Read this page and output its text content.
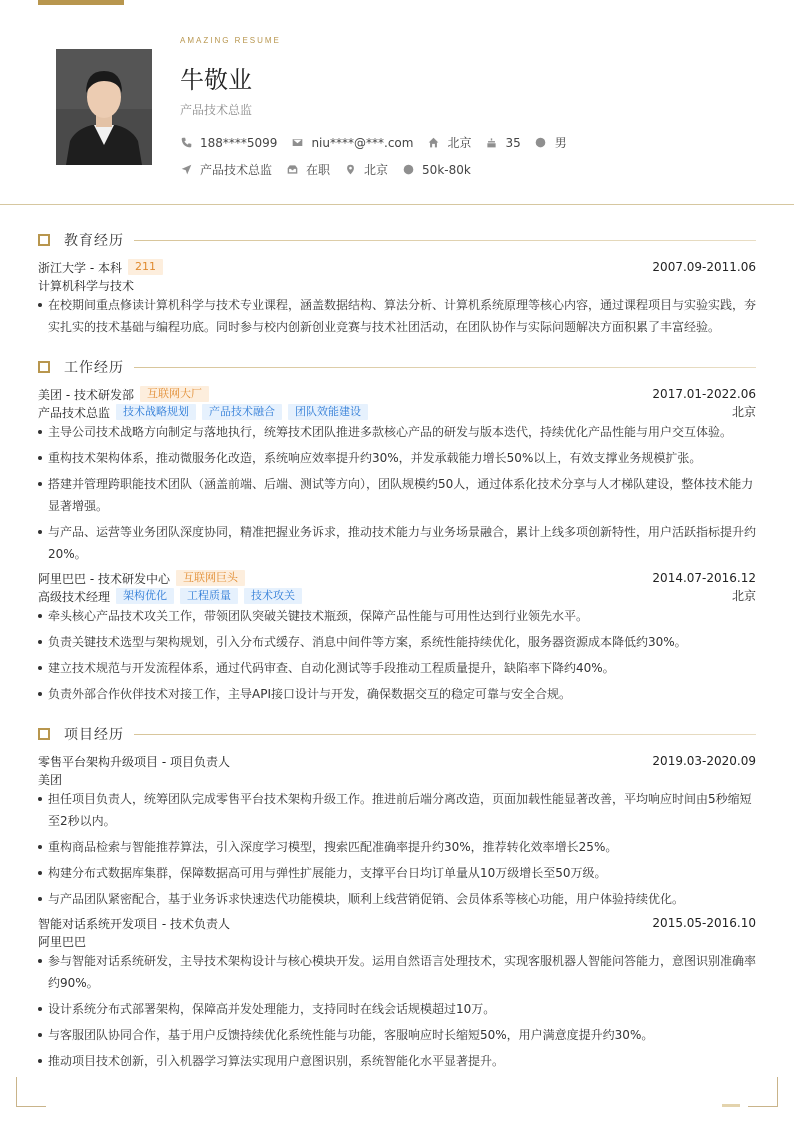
AMAZING RESUME
牛敬业
产品技术总监
188****5099	niu****@***.com	北京	35	男
产品技术总监	在职	北京	50k-80k
教育经历
浙江大学 - 本科	211	2007.09-2011.06
计算机科学与技术
在校期间重点修读计算机科学与技术专业课程，涵盖数据结构、算法分析、计算机系统原理等核心内容，通过课程项目与实验实践，夯实扎实的技术基础与编程功底。同时参与校内创新创业竞赛与技术社团活动，在团队协作与实际问题解决方面积累了丰富经验。
工作经历
美团 - 技术研发部	互联网大厂	2017.01-2022.06
产品技术总监	技术战略规划	产品技术融合	团队效能建设	北京
主导公司技术战略方向制定与落地执行，统筹技术团队推进多款核心产品的研发与版本迭代，持续优化产品性能与用户交互体验。
重构技术架构体系，推动微服务化改造，系统响应效率提升约30%，并发承载能力增长50%以上，有效支撑业务规模扩张。
搭建并管理跨职能技术团队（涵盖前端、后端、测试等方向），团队规模约50人，通过体系化技术分享与人才梯队建设，整体技术能力显著增强。
与产品、运营等业务团队深度协同，精准把握业务诉求，推动技术能力与业务场景融合，累计上线多项创新特性，用户活跃指标提升约20%。
阿里巴巴 - 技术研发中心	互联网巨头	2014.07-2016.12
高级技术经理	架构优化	工程质量	技术攻关	北京
牵头核心产品技术攻关工作，带领团队突破关键技术瓶颈，保障产品性能与可用性达到行业领先水平。
负责关键技术选型与架构规划，引入分布式缓存、消息中间件等方案，系统性能持续优化，服务器资源成本降低约30%。
建立技术规范与开发流程体系，通过代码审查、自动化测试等手段推动工程质量提升，缺陷率下降约40%。
负责外部合作伙伴技术对接工作，主导API接口设计与开发，确保数据交互的稳定可靠与安全合规。
项目经历
零售平台架构升级项目 - 项目负责人	2019.03-2020.09
美团
担任项目负责人，统筹团队完成零售平台技术架构升级工作。推进前后端分离改造，页面加载性能显著改善，平均响应时间由5秒缩短至2秒以内。
重构商品检索与智能推荐算法，引入深度学习模型，搜索匹配准确率提升约30%，推荐转化效率增长25%。
构建分布式数据库集群，保障数据高可用与弹性扩展能力，支撑平台日均订单量从10万级增长至50万级。
与产品团队紧密配合，基于业务诉求快速迭代功能模块，顺利上线营销促销、会员体系等核心功能，用户体验持续优化。
智能对话系统开发项目 - 技术负责人	2015.05-2016.10
阿里巴巴
参与智能对话系统研发，主导技术架构设计与核心模块开发。运用自然语言处理技术，实现客服机器人智能问答能力，意图识别准确率约90%。
设计系统分布式部署架构，保障高并发处理能力，支持同时在线会话规模超过10万。
与客服团队协同合作，基于用户反馈持续优化系统性能与功能，客服响应时长缩短50%，用户满意度提升约30%。
推动项目技术创新，引入机器学习算法实现用户意图识别，系统智能化水平显著提升。
